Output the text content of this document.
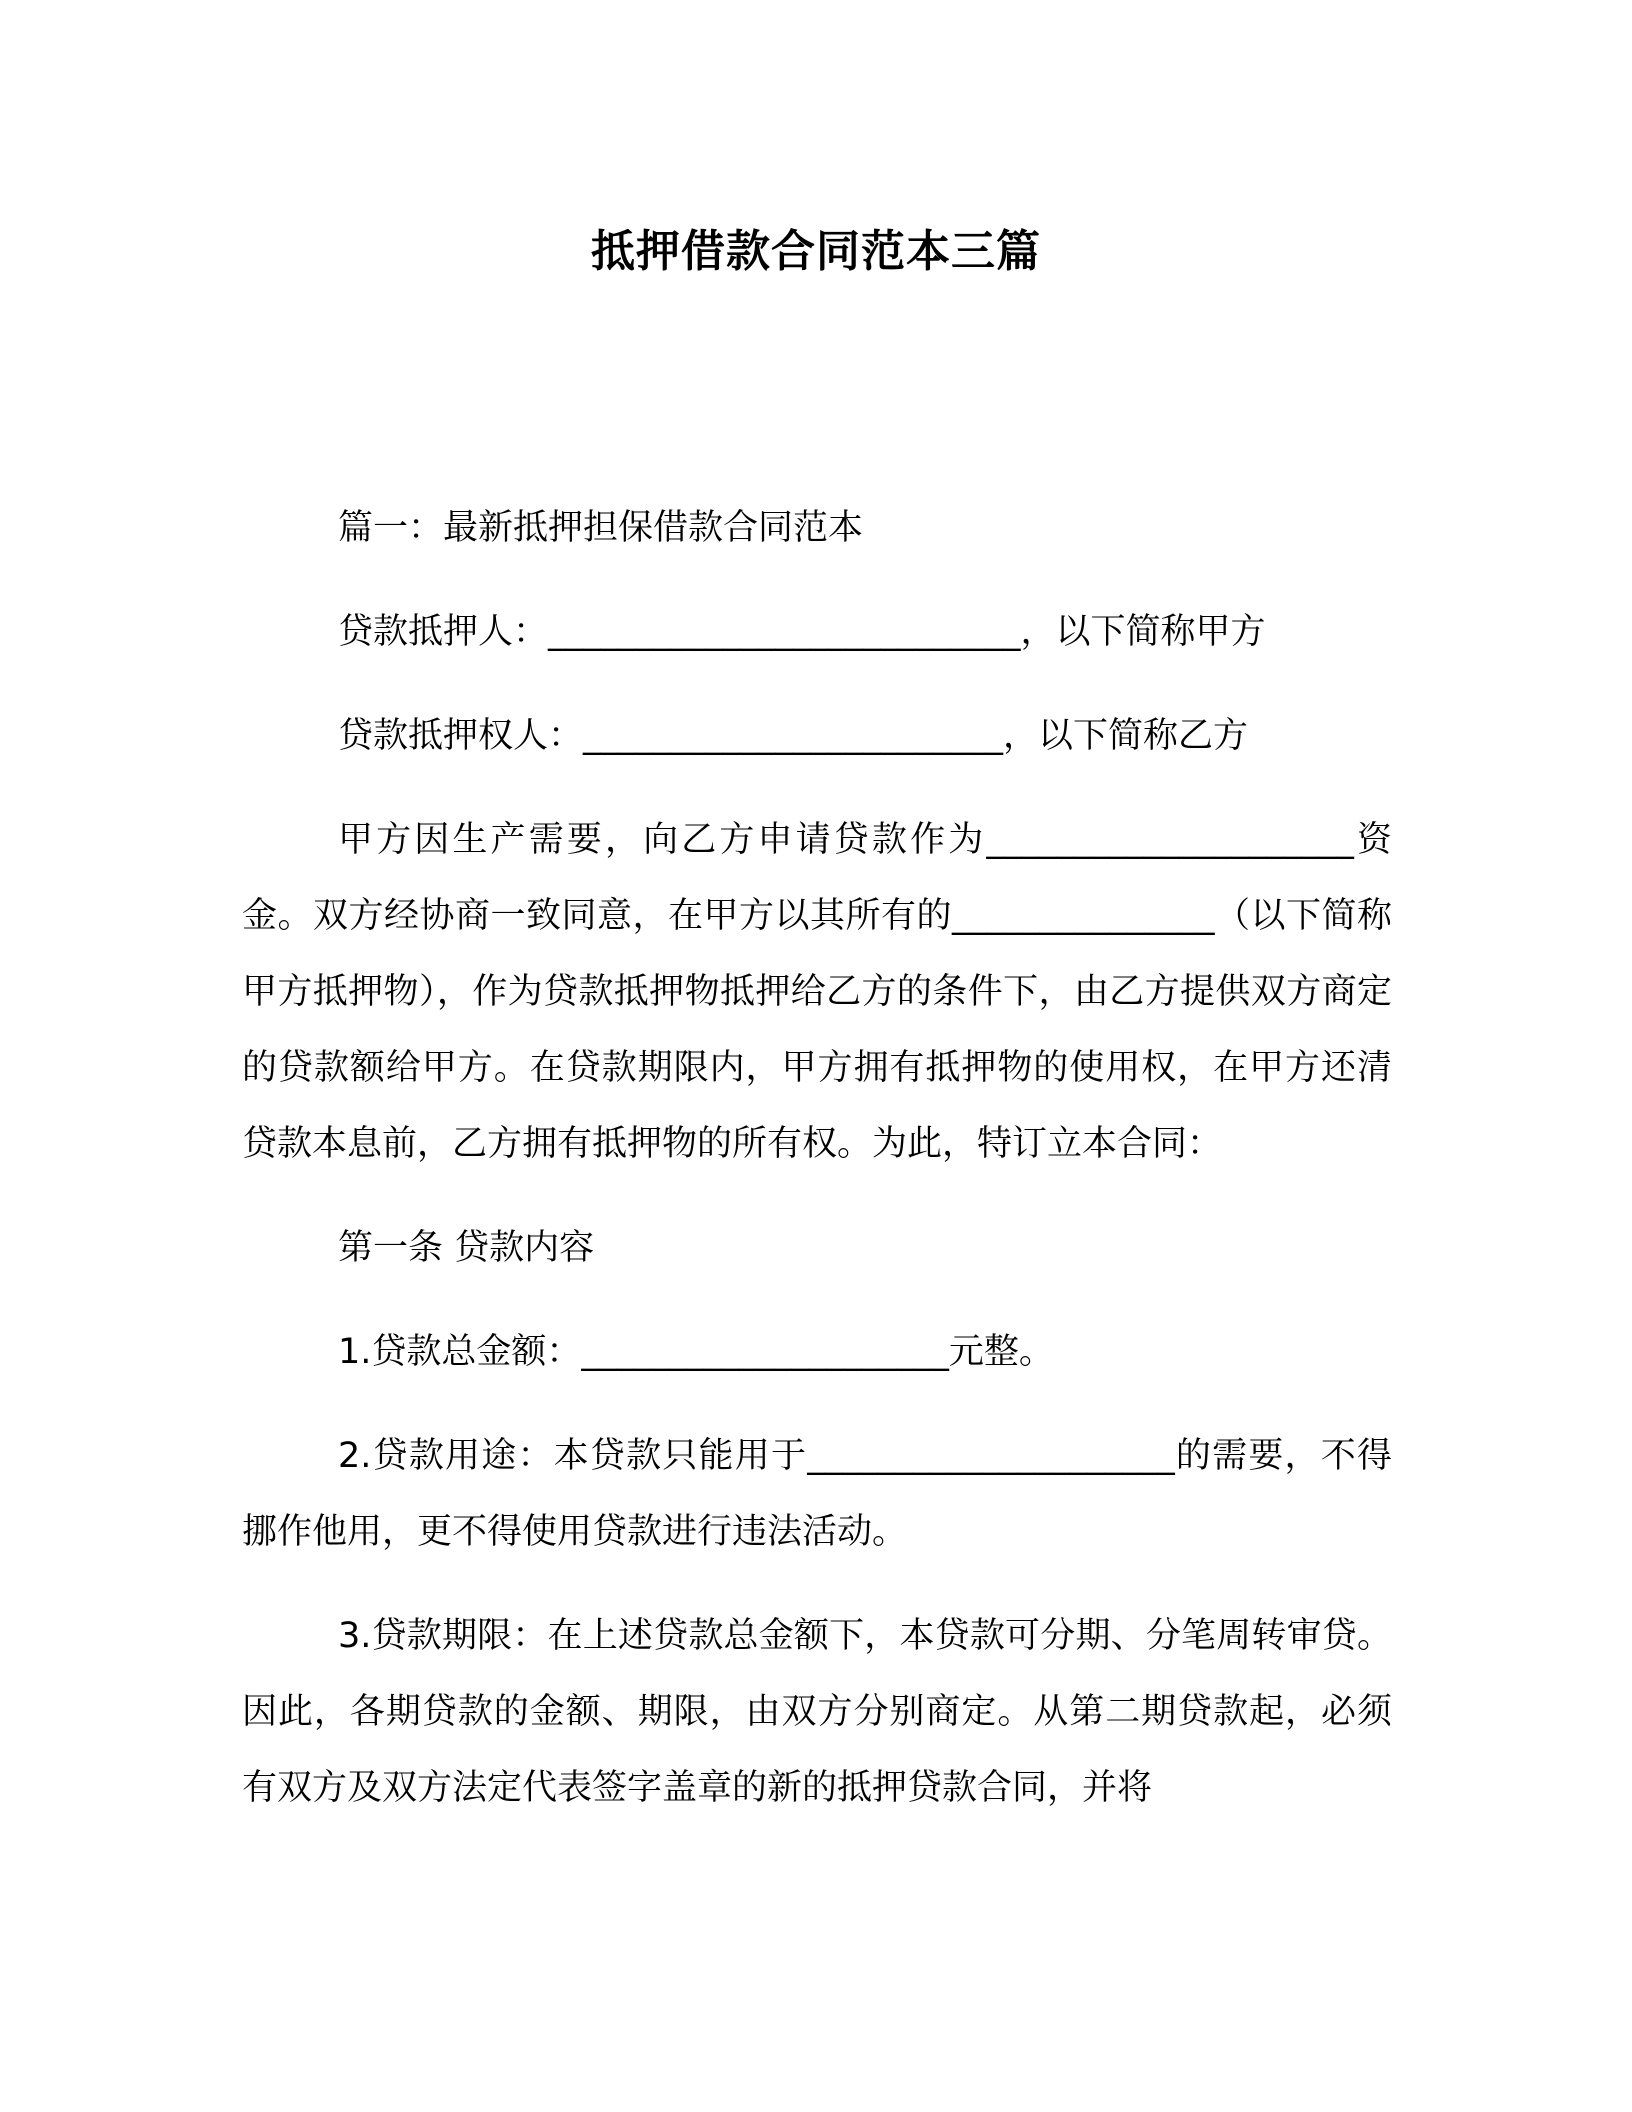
抵押借款合同范本三篇

篇一：最新抵押担保借款合同范本

贷款抵押人：___________________________，以下简称甲方

贷款抵押权人：________________________，以下简称乙方

甲方因生产需要，向乙方申请贷款作为_____________________资金。双方经协商一致同意，在甲方以其所有的_______________（以下简称甲方抵押物），作为贷款抵押物抵押给乙方的条件下，由乙方提供双方商定的贷款额给甲方。在贷款期限内，甲方拥有抵押物的使用权，在甲方还清贷款本息前，乙方拥有抵押物的所有权。为此，特订立本合同：

第一条 贷款内容

1.贷款总金额：_____________________元整。

2.贷款用途：本贷款只能用于_____________________的需要，不得挪作他用，更不得使用贷款进行违法活动。

3.贷款期限：在上述贷款总金额下，本贷款可分期、分笔周转审贷。因此，各期贷款的金额、期限，由双方分别商定。从第二期贷款起，必须有双方及双方法定代表签字盖章的新的抵押贷款合同，并将
